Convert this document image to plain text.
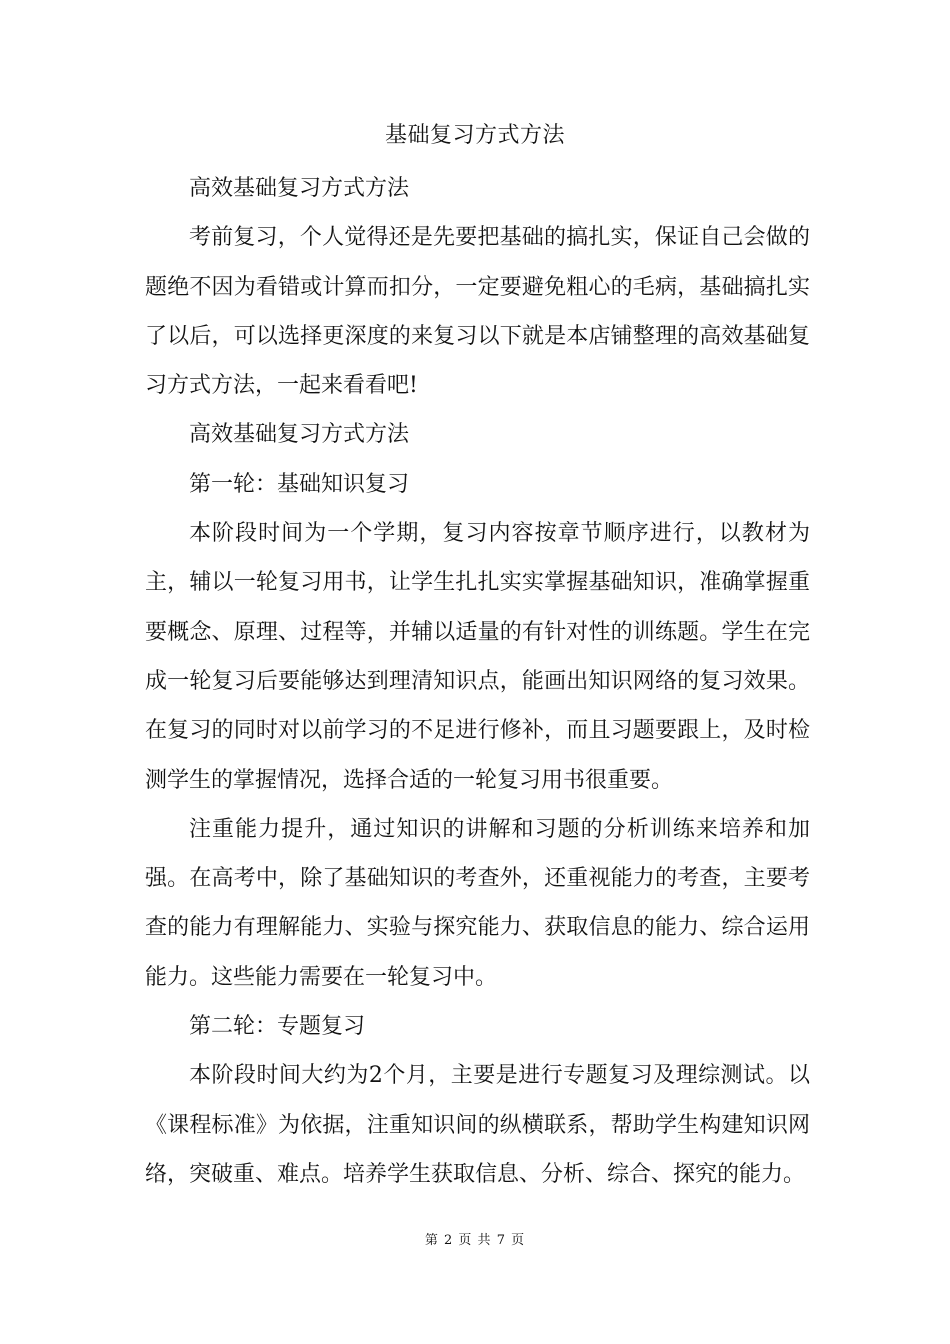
基础复习方式方法

高效基础复习方式方法

考前复习，个人觉得还是先要把基础的搞扎实，保证自己会做的题绝不因为看错或计算而扣分，一定要避免粗心的毛病，基础搞扎实了以后，可以选择更深度的来复习以下就是本店铺整理的高效基础复习方式方法，一起来看看吧!

高效基础复习方式方法

第一轮：基础知识复习

本阶段时间为一个学期，复习内容按章节顺序进行，以教材为主，辅以一轮复习用书，让学生扎扎实实掌握基础知识，准确掌握重要概念、原理、过程等，并辅以适量的有针对性的训练题。学生在完成一轮复习后要能够达到理清知识点，能画出知识网络的复习效果。在复习的同时对以前学习的不足进行修补，而且习题要跟上，及时检测学生的掌握情况，选择合适的一轮复习用书很重要。

注重能力提升，通过知识的讲解和习题的分析训练来培养和加强。在高考中，除了基础知识的考查外，还重视能力的考查，主要考查的能力有理解能力、实验与探究能力、获取信息的能力、综合运用能力。这些能力需要在一轮复习中。

第二轮：专题复习

本阶段时间大约为2个月，主要是进行专题复习及理综测试。以《课程标准》为依据，注重知识间的纵横联系，帮助学生构建知识网络，突破重、难点。培养学生获取信息、分析、综合、探究的能力。

第 2 页 共 7 页
